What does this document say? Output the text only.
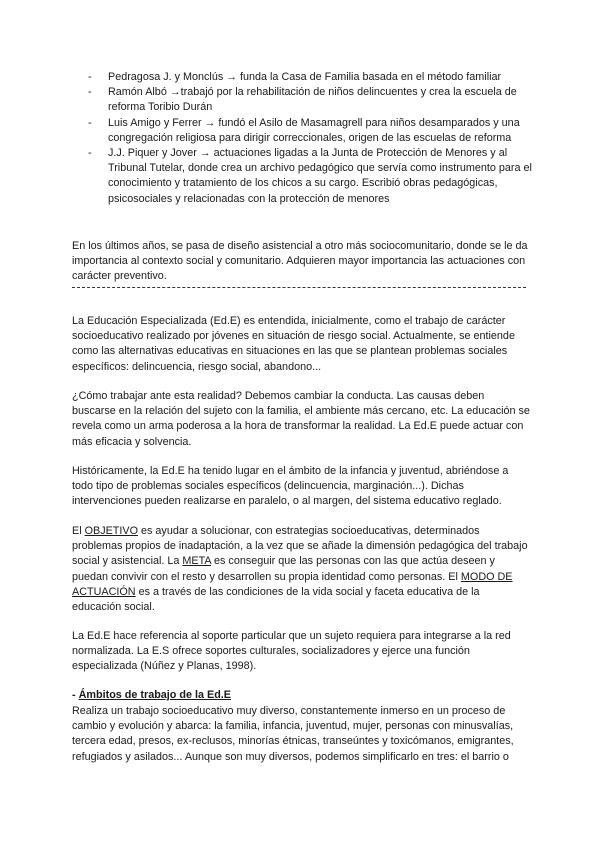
- Pedragosa J. y Monclús → funda la Casa de Familia basada en el método familiar
- Ramón Albó →trabajó por la rehabilitación de niños delincuentes y crea la escuela de reforma Toribio Durán
- Luis Amigo y Ferrer → fundó el Asilo de Masamagrell para niños desamparados y una congregación religiosa para dirigir correccionales, origen de las escuelas de reforma
- J.J. Piquer y Jover → actuaciones ligadas a la Junta de Protección de Menores y al Tribunal Tutelar, donde crea un archivo pedagógico que servía como instrumento para el conocimiento y tratamiento de los chicos a su cargo. Escribió obras pedagógicas, psicosociales y relacionadas con la protección de menores

En los últimos años, se pasa de diseño asistencial a otro más sociocomunitario, donde se le da importancia al contexto social y comunitario. Adquieren mayor importancia las actuaciones con carácter preventivo.

La Educación Especializada (Ed.E) es entendida, inicialmente, como el trabajo de carácter socioeducativo realizado por jóvenes en situación de riesgo social. Actualmente, se entiende como las alternativas educativas en situaciones en las que se plantean problemas sociales específicos: delincuencia, riesgo social, abandono...

¿Cómo trabajar ante esta realidad? Debemos cambiar la conducta. Las causas deben buscarse en la relación del sujeto con la familia, el ambiente más cercano, etc. La educación se revela como un arma poderosa a la hora de transformar la realidad. La Ed.E puede actuar con más eficacia y solvencia.

Históricamente, la Ed.E ha tenido lugar en el ámbito de la infancia y juventud, abriéndose a todo tipo de problemas sociales específicos (delincuencia, marginación...). Dichas intervenciones pueden realizarse en paralelo, o al margen, del sistema educativo reglado.

El OBJETIVO es ayudar a solucionar, con estrategias socioeducativas, determinados problemas propios de inadaptación, a la vez que se añade la dimensión pedagógica del trabajo social y asistencial. La META es conseguir que las personas con las que actúa deseen y puedan convivir con el resto y desarrollen su propia identidad como personas. El MODO DE ACTUACIÓN es a través de las condiciones de la vida social y faceta educativa de la educación social.

La Ed.E hace referencia al soporte particular que un sujeto requiera para integrarse a la red normalizada. La E.S ofrece soportes culturales, socializadores y ejerce una función especializada (Núñez y Planas, 1998).

- Ámbitos de trabajo de la Ed.E

Realiza un trabajo socioeducativo muy diverso, constantemente inmerso en un proceso de cambio y evolución y abarca: la familia, infancia, juventud, mujer, personas con minusvalías, tercera edad, presos, ex-reclusos, minorías étnicas, transeúntes y toxicómanos, emigrantes, refugiados y asilados... Aunque son muy diversos, podemos simplificarlo en tres: el barrio o
